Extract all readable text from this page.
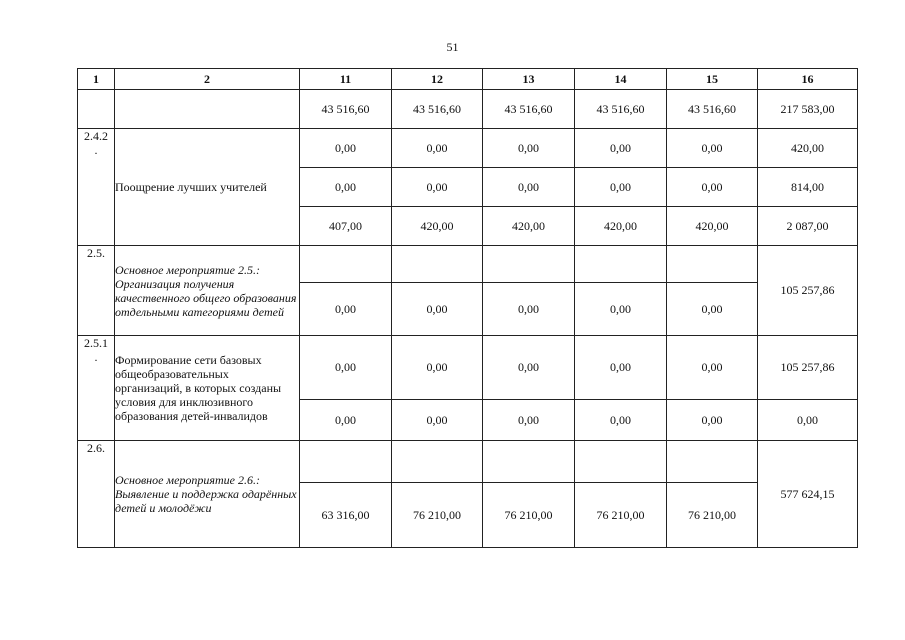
51
1	2	11	12	13	14	15	16
		43 516,60	43 516,60	43 516,60	43 516,60	43 516,60	217 583,00

2.4.2
.	Поощрение лучших учителей	0,00	0,00	0,00	0,00	0,00	420,00
		0,00	0,00	0,00	0,00	0,00	814,00
		407,00	420,00	420,00	420,00	420,00	2 087,00

2.5.	Основное мероприятие 2.5.: Организация получения качественного общего образования отдельными категориями детей						105 257,86
		0,00	0,00	0,00	0,00	0,00	

2.5.1
.	Формирование сети базовых общеобразовательных организаций, в которых созданы условия для инклюзивного образования детей-инвалидов	0,00	0,00	0,00	0,00	0,00	105 257,86
		0,00	0,00	0,00	0,00	0,00	0,00

2.6.	Основное мероприятие 2.6.: Выявление и поддержка одарённых детей и молодёжи						577 624,15
		63 316,00	76 210,00	76 210,00	76 210,00	76 210,00	
